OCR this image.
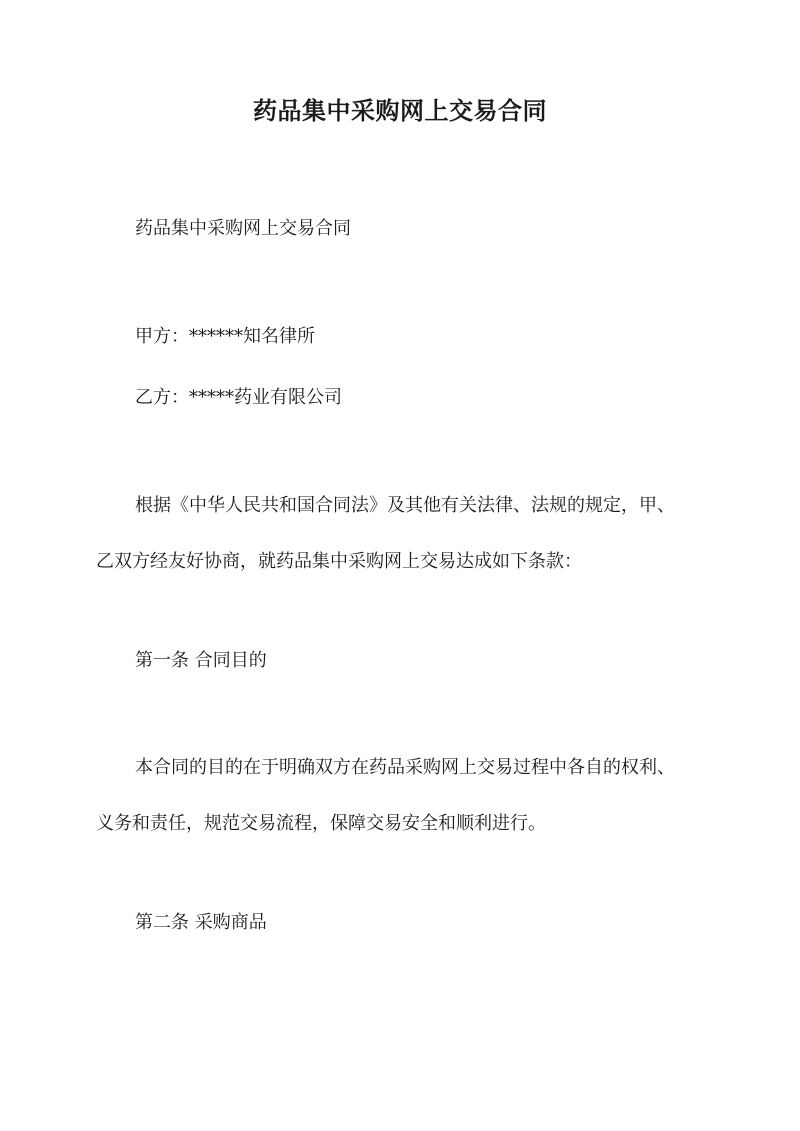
药品集中采购网上交易合同
药品集中采购网上交易合同
甲方：******知名律所
乙方：*****药业有限公司
根据《中华人民共和国合同法》及其他有关法律、法规的规定，甲、
乙双方经友好协商，就药品集中采购网上交易达成如下条款：
第一条 合同目的
本合同的目的在于明确双方在药品采购网上交易过程中各自的权利、
义务和责任，规范交易流程，保障交易安全和顺利进行。
第二条 采购商品
